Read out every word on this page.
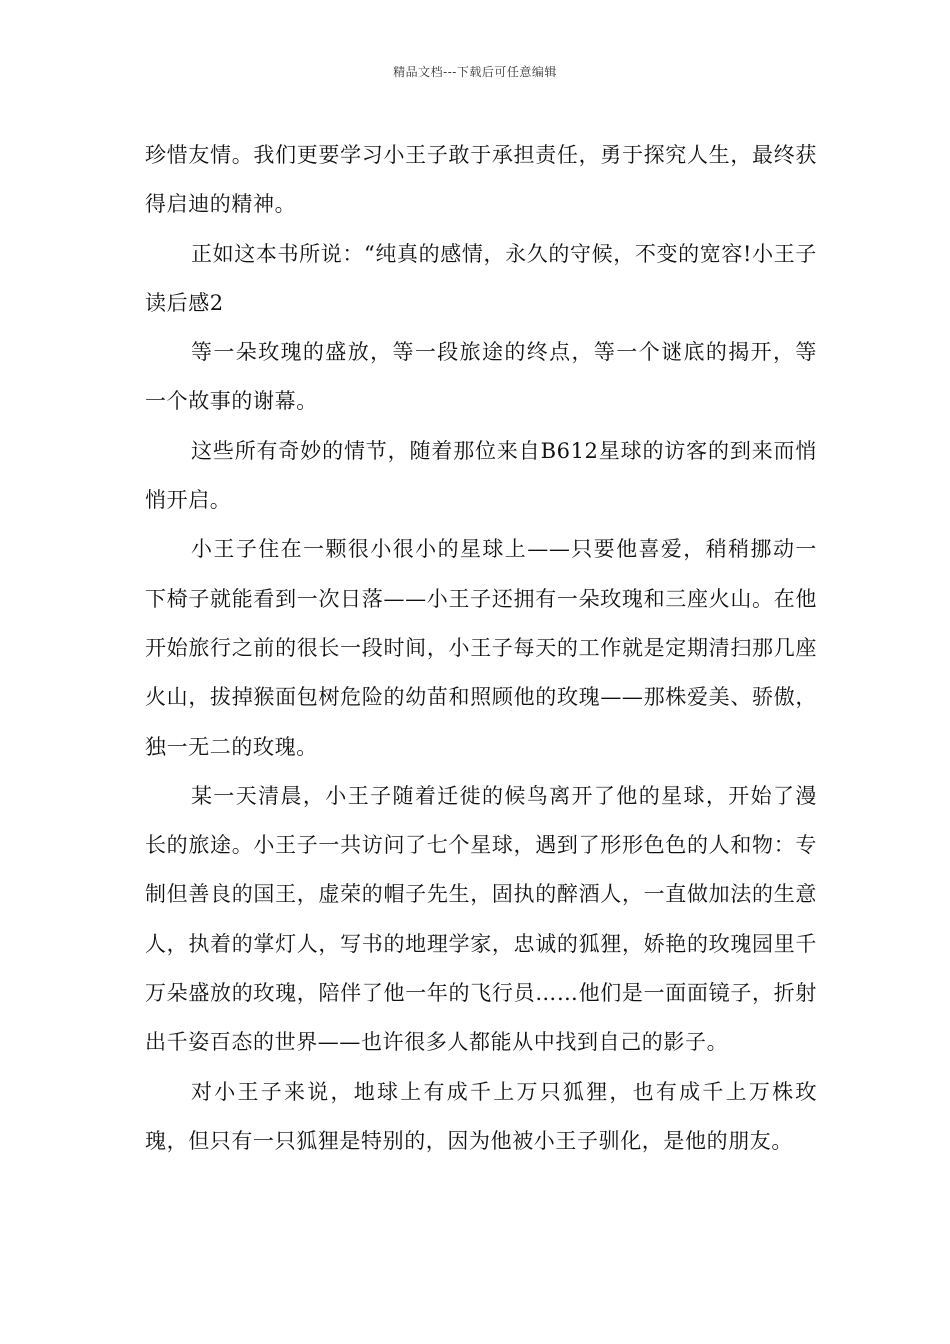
精品文档---下载后可任意编辑

珍惜友情。我们更要学习小王子敢于承担责任，勇于探究人生，最终获得启迪的精神。

正如这本书所说：“纯真的感情，永久的守候，不变的宽容!小王子读后感2

等一朵玫瑰的盛放，等一段旅途的终点，等一个谜底的揭开，等一个故事的谢幕。

这些所有奇妙的情节，随着那位来自B612星球的访客的到来而悄悄开启。

小王子住在一颗很小很小的星球上——只要他喜爱，稍稍挪动一下椅子就能看到一次日落——小王子还拥有一朵玫瑰和三座火山。在他开始旅行之前的很长一段时间，小王子每天的工作就是定期清扫那几座火山，拔掉猴面包树危险的幼苗和照顾他的玫瑰——那株爱美、骄傲，独一无二的玫瑰。

某一天清晨，小王子随着迁徙的候鸟离开了他的星球，开始了漫长的旅途。小王子一共访问了七个星球，遇到了形形色色的人和物：专制但善良的国王，虚荣的帽子先生，固执的醉酒人，一直做加法的生意人，执着的掌灯人，写书的地理学家，忠诚的狐狸，娇艳的玫瑰园里千万朵盛放的玫瑰，陪伴了他一年的飞行员……他们是一面面镜子，折射出千姿百态的世界——也许很多人都能从中找到自己的影子。

对小王子来说，地球上有成千上万只狐狸，也有成千上万株玫瑰，但只有一只狐狸是特别的，因为他被小王子驯化，是他的朋友。
